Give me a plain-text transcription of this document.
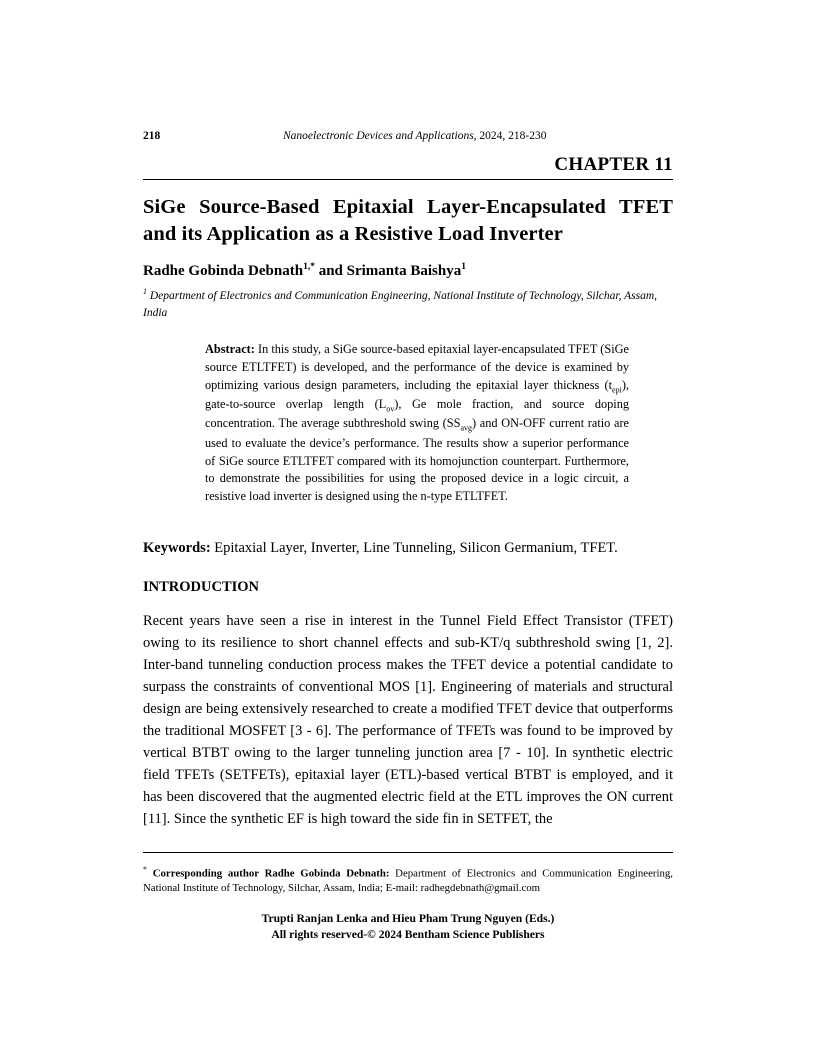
218	Nanoelectronic Devices and Applications, 2024, 218-230
CHAPTER 11
SiGe Source-Based Epitaxial Layer-Encapsulated TFET and its Application as a Resistive Load Inverter

Radhe Gobinda Debnath$^{1,*}$ and Srimanta Baishya$^1$

$^1$ Department of Electronics and Communication Engineering, National Institute of Technology, Silchar, Assam, India

Abstract: In this study, a SiGe source-based epitaxial layer-encapsulated TFET (SiGe source ETLTFET) is developed, and the performance of the device is examined by optimizing various design parameters, including the epitaxial layer thickness $(t_{epi})$, gate-to-source overlap length $(L_{ov})$, Ge mole fraction, and source doping concentration. The average subthreshold swing $(SS_{avg})$ and ON-OFF current ratio are used to evaluate the device’s performance. The results show a superior performance of SiGe source ETLTFET compared with its homojunction counterpart. Furthermore, to demonstrate the possibilities for using the proposed device in a logic circuit, a resistive load inverter is designed using the n-type ETLTFET.

Keywords: Epitaxial Layer, Inverter, Line Tunneling, Silicon Germanium, TFET.

INTRODUCTION

Recent years have seen a rise in interest in the Tunnel Field Effect Transistor (TFET) owing to its resilience to short channel effects and sub-KT/q subthreshold swing [1, 2]. Inter-band tunneling conduction process makes the TFET device a potential candidate to surpass the constraints of conventional MOS [1]. Engineering of materials and structural design are being extensively researched to create a modified TFET device that outperforms the traditional MOSFET [3 - 6]. The performance of TFETs was found to be improved by vertical BTBT owing to the larger tunneling junction area [7 - 10]. In synthetic electric field TFETs (SETFETs), epitaxial layer (ETL)-based vertical BTBT is employed, and it has been discovered that the augmented electric field at the ETL improves the ON current [11]. Since the synthetic EF is high toward the side fin in SETFET, the

* Corresponding author Radhe Gobinda Debnath: Department of Electronics and Communication Engineering, National Institute of Technology, Silchar, Assam, India; E-mail: radhegdebnath@gmail.com

Trupti Ranjan Lenka and Hieu Pham Trung Nguyen (Eds.)
All rights reserved-© 2024 Bentham Science Publishers
